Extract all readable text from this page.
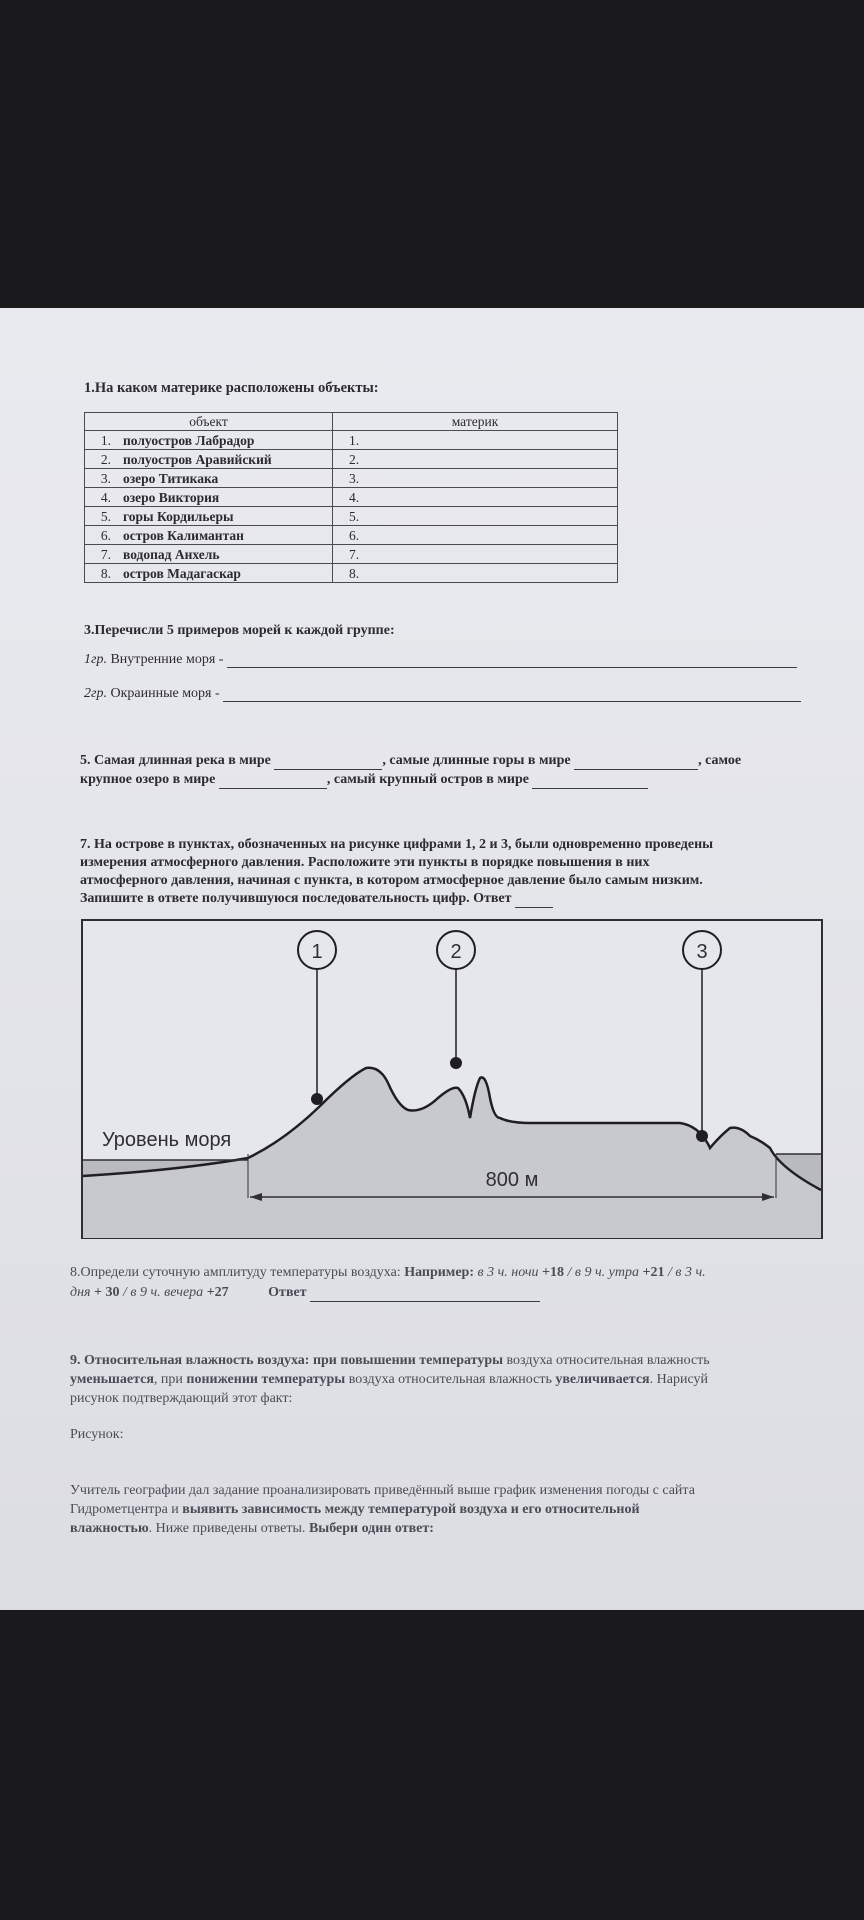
1.На каком материке расположены объекты:
объект		материк
1.	полуостров Лабрадор	1.
2.	полуостров Аравийский	2.
3.	озеро Титикака	3.
4.	озеро Виктория	4.
5.	горы Кордильеры	5.
6.	остров Калимантан	6.
7.	водопад Анхель	7.
8.	остров Мадагаскар	8.
3.Перечисли 5 примеров морей к каждой группе:
1гр. Внутренние моря -
2гр. Окраинные моря -
5. Самая длинная река в мире	, самые длинные горы в мире	, самое
крупное озеро в мире	, самый крупный остров в мире
7. На острове в пунктах, обозначенных на рисунке цифрами 1, 2 и 3, были одновременно проведены
измерения атмосферного давления. Расположите эти пункты в порядке повышения в них
атмосферного давления, начиная с пункта, в котором атмосферное давление было самым низким.
Запишите в ответе получившуюся последовательность цифр. Ответ
800 м
Уровень моря
1	2	3
8.Определи суточную амплитуду температуры воздуха: Например: в 3 ч. ночи +18 / в 9 ч. утра +21 / в 3 ч.
дня + 30 / в 9 ч. вечера +27	Ответ
9. Относительная влажность воздуха: при повышении температуры воздуха относительная влажность
уменьшается, при понижении температуры воздуха относительная влажность увеличивается. Нарисуй
рисунок подтверждающий этот факт:
Рисунок:
Учитель географии дал задание проанализировать приведённый выше график изменения погоды с сайта
Гидрометцентра и выявить зависимость между температурой воздуха и его относительной
влажностью. Ниже приведены ответы. Выбери один ответ:
